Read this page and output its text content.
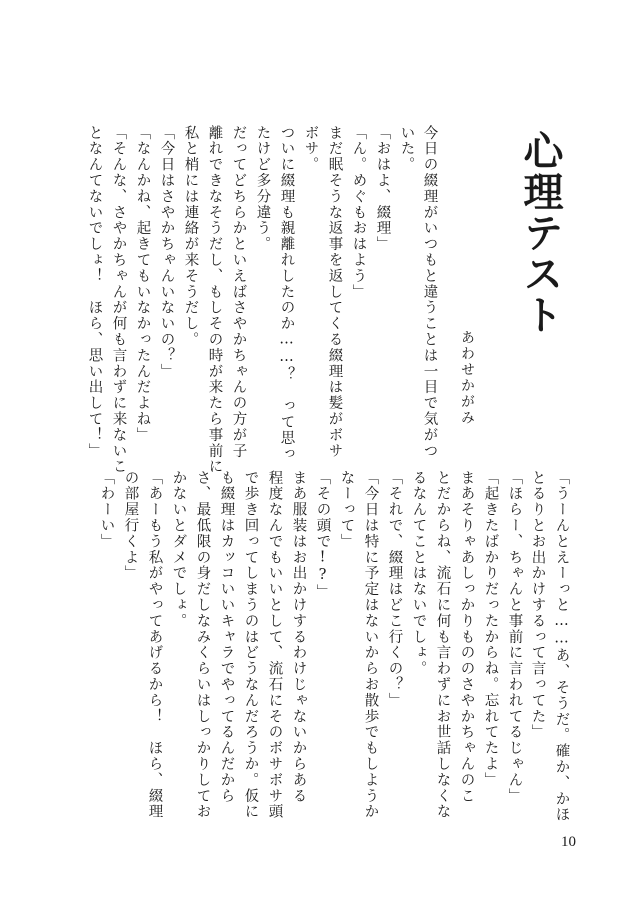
心理テスト
あわせかがみ
今日の綴理がいつもと違うことは一目で気がつ
いた。
「おはよ、綴理」
「ん。めぐもおはよう」
まだ眠そうな返事を返してくる綴理は髪がボサ
ボサ。
ついに綴理も親離れしたのか……？　って思っ
たけど多分違う。
だってどちらかといえばさやかちゃんの方が子
離れできなそうだし、もしその時が来たら事前に
私と梢には連絡が来そうだし。
「今日はさやかちゃんいないの？」
「なんかね、起きてもいなかったんだよね」
「そんな、さやかちゃんが何も言わずに来ないこ
となんてないでしょ！　ほら、思い出して！」
「うーんとえーっと……あ、そうだ。確か、かほ
とるりとお出かけするって言ってた」
「ほらー、ちゃんと事前に言われてるじゃん」
「起きたばかりだったからね。忘れてたよ」
まあそりゃあしっかりもののさやかちゃんのこ
とだからね、流石に何も言わずにお世話しなくな
るなんてことはないでしょ。
「それで、綴理はどこ行くの？」
「今日は特に予定はないからお散歩でもしようか
なーって」
「その頭で!?」
まあ服装はお出かけするわけじゃないからある
程度なんでもいいとして、流石にそのボサボサ頭
で歩き回ってしまうのはどうなんだろうか。仮に
も綴理はカッコいいキャラでやってるんだから
さ、最低限の身だしなみくらいはしっかりしてお
かないとダメでしょ。
「あーもう私がやってあげるから！　ほら、綴理
の部屋行くよ」
「わーい」
10
